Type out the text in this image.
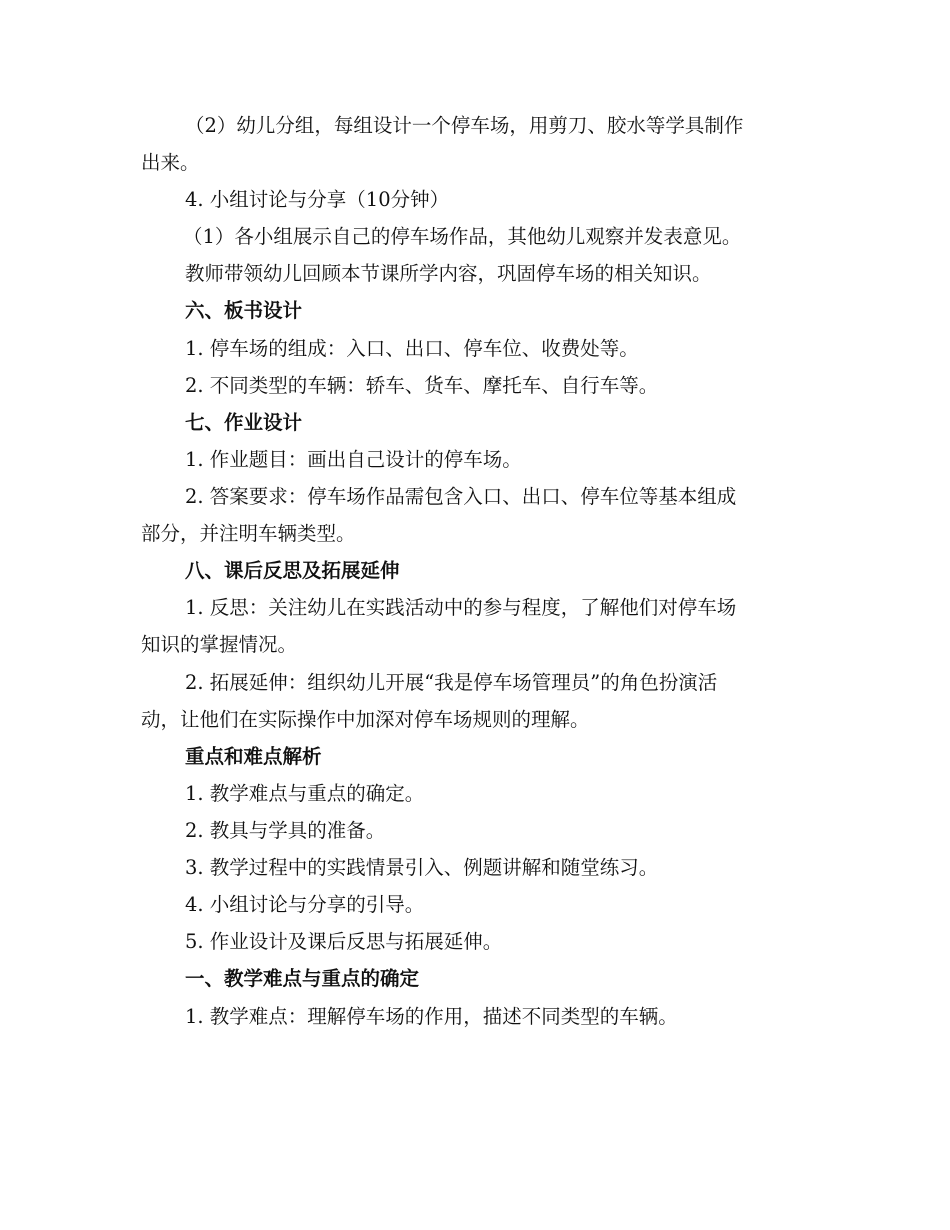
（2）幼儿分组，每组设计一个停车场，用剪刀、胶水等学具制作
出来。
4. 小组讨论与分享（10分钟）
（1）各小组展示自己的停车场作品，其他幼儿观察并发表意见。
教师带领幼儿回顾本节课所学内容，巩固停车场的相关知识。
六、板书设计
1. 停车场的组成：入口、出口、停车位、收费处等。
2. 不同类型的车辆：轿车、货车、摩托车、自行车等。
七、作业设计
1. 作业题目：画出自己设计的停车场。
2. 答案要求：停车场作品需包含入口、出口、停车位等基本组成
部分，并注明车辆类型。
八、课后反思及拓展延伸
1. 反思：关注幼儿在实践活动中的参与程度，了解他们对停车场
知识的掌握情况。
2. 拓展延伸：组织幼儿开展“我是停车场管理员”的角色扮演活
动，让他们在实际操作中加深对停车场规则的理解。
重点和难点解析
1. 教学难点与重点的确定。
2. 教具与学具的准备。
3. 教学过程中的实践情景引入、例题讲解和随堂练习。
4. 小组讨论与分享的引导。
5. 作业设计及课后反思与拓展延伸。
一、教学难点与重点的确定
1. 教学难点：理解停车场的作用，描述不同类型的车辆。
